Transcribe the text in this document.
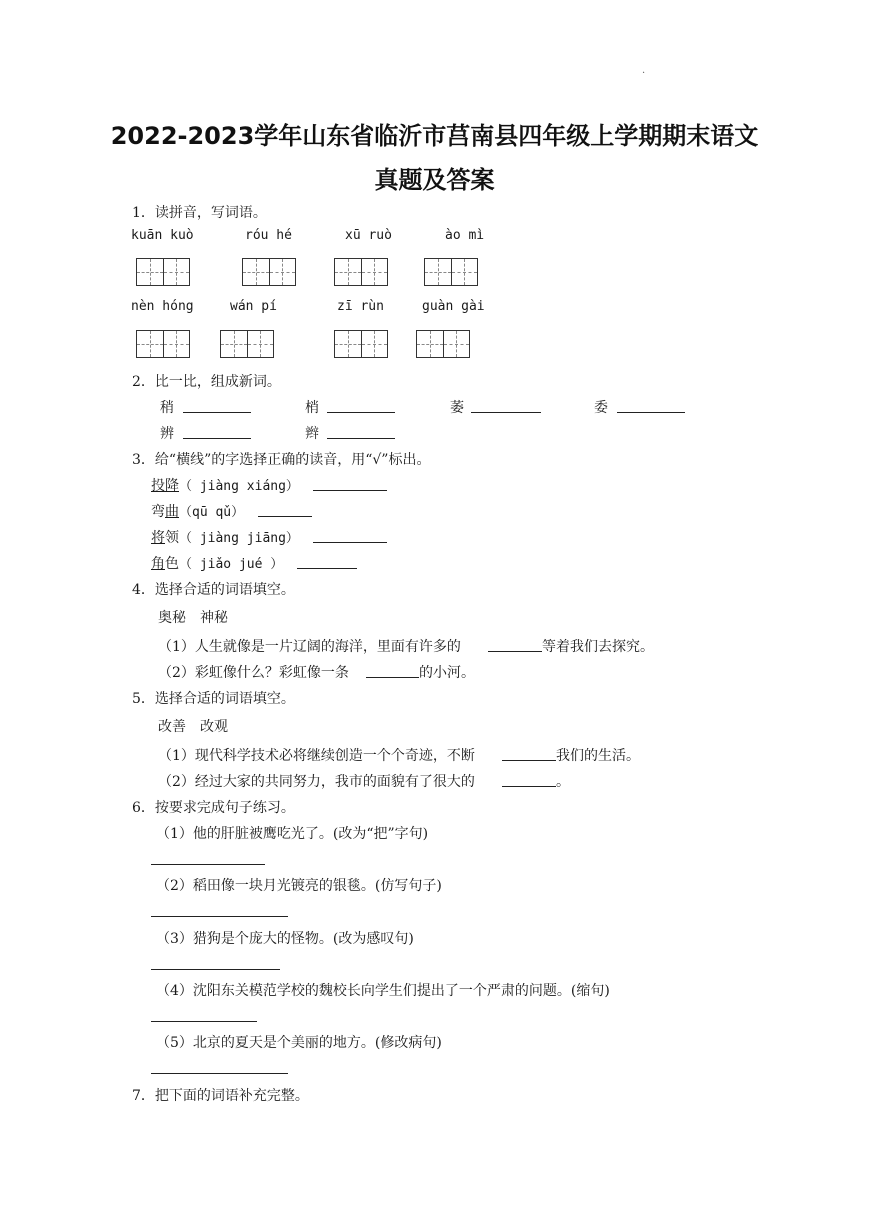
·
2022-2023学年山东省临沂市莒南县四年级上学期期末语文
真题及答案
1．读拼音，写词语。
kuān kuò	róu hé	xū ruò	ào mì
nèn hóng	wán pí	zī rùn	guàn gài
2．比一比，组成新词。
稍	梢	萎	委
辨	辫
3．给“横线”的字选择正确的读音，用“√”标出。
投降（ jiàng xiáng）
弯曲（qū qǔ）
将领（ jiàng jiāng）
角色（ jiǎo jué ）
4．选择合适的词语填空。
奥秘　神秘
（1）人生就像是一片辽阔的海洋，里面有许多的	等着我们去探究。
（2）彩虹像什么？彩虹像一条	的小河。
5．选择合适的词语填空。
改善　改观
（1）现代科学技术必将继续创造一个个奇迹，不断	我们的生活。
（2）经过大家的共同努力，我市的面貌有了很大的	。
6．按要求完成句子练习。
（1）他的肝脏被鹰吃光了。(改为“把”字句)
（2）稻田像一块月光镀亮的银毯。(仿写句子)
（3）猎狗是个庞大的怪物。(改为感叹句)
（4）沈阳东关模范学校的魏校长向学生们提出了一个严肃的问题。(缩句)
（5）北京的夏天是个美丽的地方。(修改病句)
7．把下面的词语补充完整。
